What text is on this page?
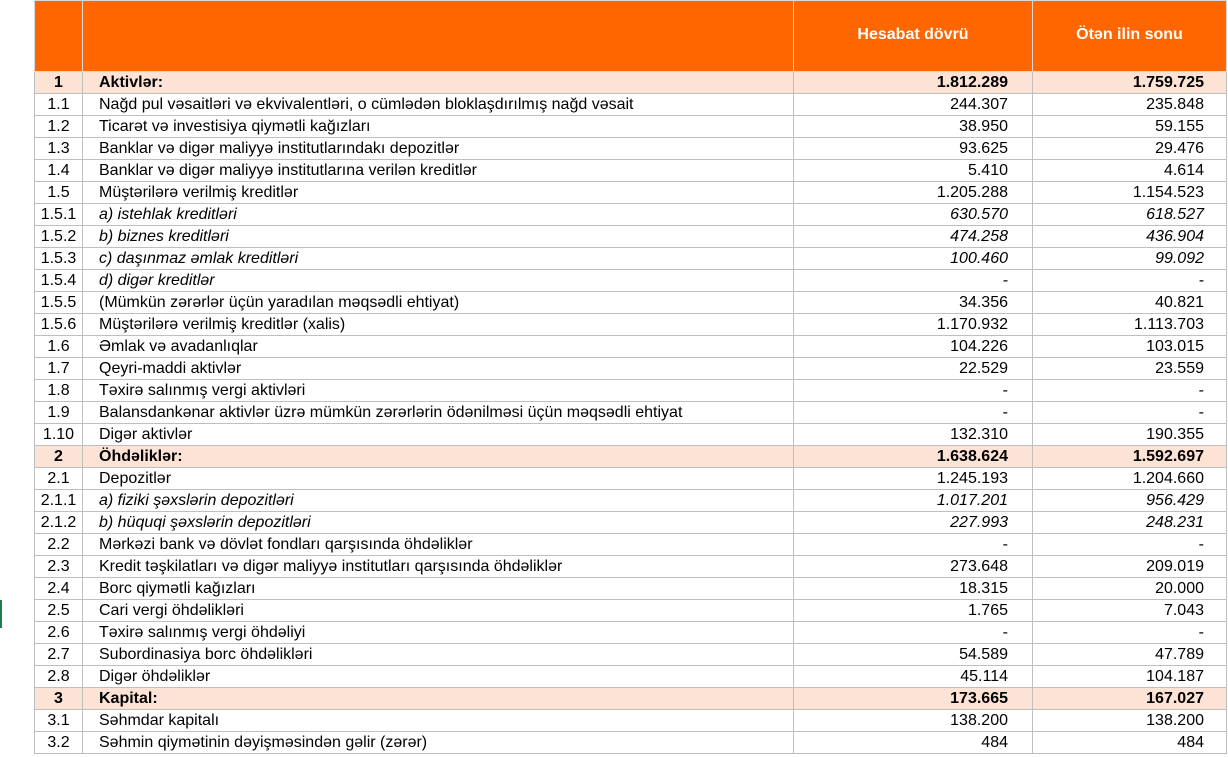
		Hesabat dövrü	Ötən ilin sonu
1	Aktivlər:	1.812.289	1.759.725
1.1	Nağd pul vəsaitləri və ekvivalentləri, o cümlədən bloklaşdırılmış nağd vəsait	244.307	235.848
1.2	Ticarət və investisiya qiymətli kağızları	38.950	59.155
1.3	Banklar və digər maliyyə institutlarındakı depozitlər	93.625	29.476
1.4	Banklar və digər maliyyə institutlarına verilən kreditlər	5.410	4.614
1.5	Müştərilərə verilmiş kreditlər	1.205.288	1.154.523
1.5.1	a) istehlak kreditləri	630.570	618.527
1.5.2	b) biznes kreditləri	474.258	436.904
1.5.3	c) daşınmaz əmlak kreditləri	100.460	99.092
1.5.4	d) digər kreditlər	-	-
1.5.5	(Mümkün zərərlər üçün yaradılan məqsədli ehtiyat)	34.356	40.821
1.5.6	Müştərilərə verilmiş kreditlər (xalis)	1.170.932	1.113.703
1.6	Əmlak və avadanlıqlar	104.226	103.015
1.7	Qeyri-maddi aktivlər	22.529	23.559
1.8	Təxirə salınmış vergi aktivləri	-	-
1.9	Balansdankənar aktivlər üzrə mümkün zərərlərin ödənilməsi üçün məqsədli ehtiyat	-	-
1.10	Digər aktivlər	132.310	190.355
2	Öhdəliklər:	1.638.624	1.592.697
2.1	Depozitlər	1.245.193	1.204.660
2.1.1	a) fiziki şəxslərin depozitləri	1.017.201	956.429
2.1.2	b) hüquqi şəxslərin depozitləri	227.993	248.231
2.2	Mərkəzi bank və dövlət fondları qarşısında öhdəliklər	-	-
2.3	Kredit təşkilatları və digər maliyyə institutları qarşısında öhdəliklər	273.648	209.019
2.4	Borc qiymətli kağızları	18.315	20.000
2.5	Cari vergi öhdəlikləri	1.765	7.043
2.6	Təxirə salınmış vergi öhdəliyi	-	-
2.7	Subordinasiya borc öhdəlikləri	54.589	47.789
2.8	Digər öhdəliklər	45.114	104.187
3	Kapital:	173.665	167.027
3.1	Səhmdar kapitalı	138.200	138.200
3.2	Səhmin qiymətinin dəyişməsindən gəlir (zərər)	484	484
